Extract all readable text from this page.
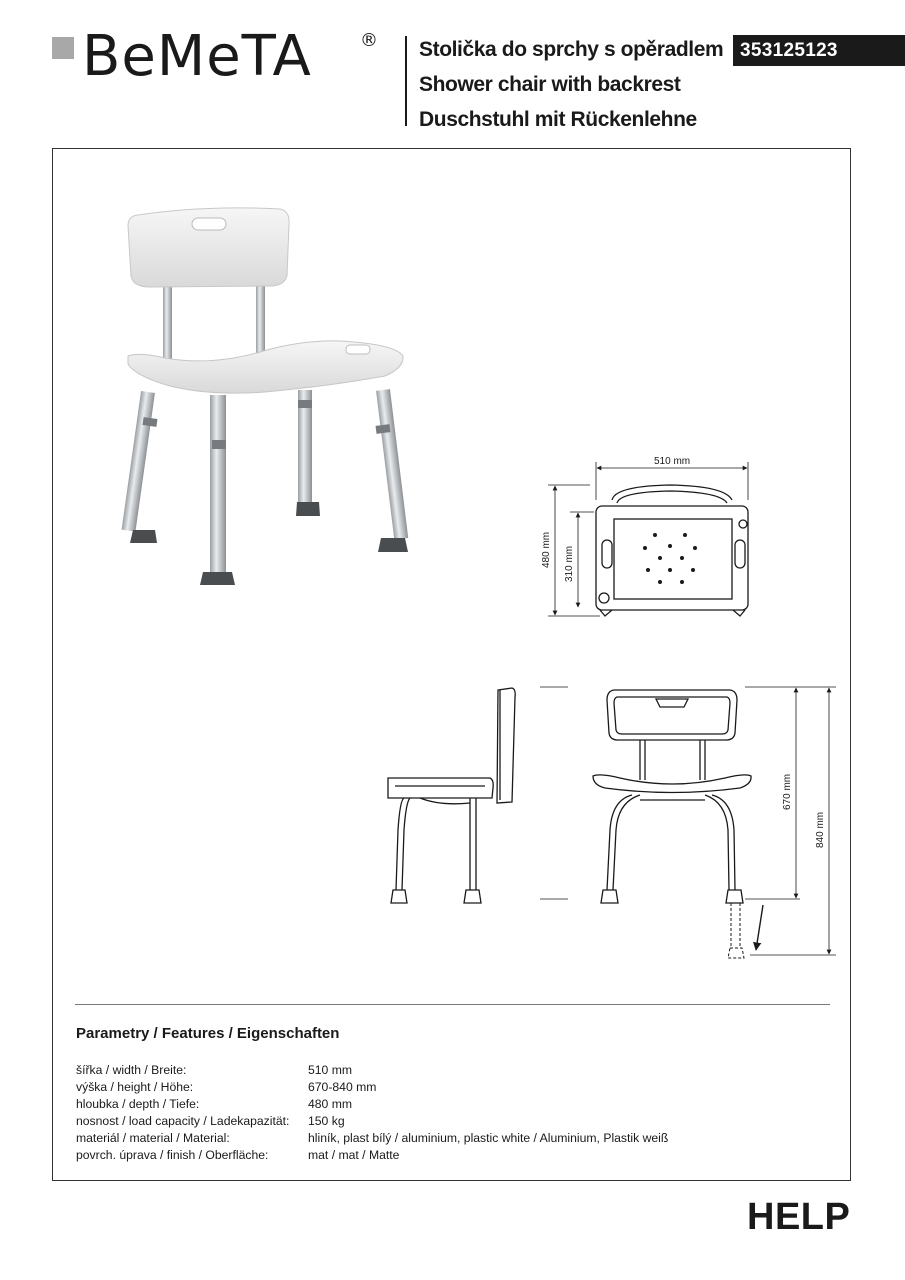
BeMeTA	® Stolička do sprchy s opěradlem
Shower chair with backrest
Duschstuhl mit Rückenlehne
353125123
510 mm
480 mm 310 mm
670 mm
840 mm
Parametry / Features / Eigenschaften
šířka / width / Breite:	510 mm
výška / height / Höhe:	670-840 mm
hloubka / depth / Tiefe:	480 mm
nosnost / load capacity / Ladekapazität:	150 kg
materiál / material / Material:	hliník, plast bílý / aluminium, plastic white / Aluminium, Plastik weiß
povrch. úprava / finish / Oberfläche:	mat / mat / Matte
HELP
